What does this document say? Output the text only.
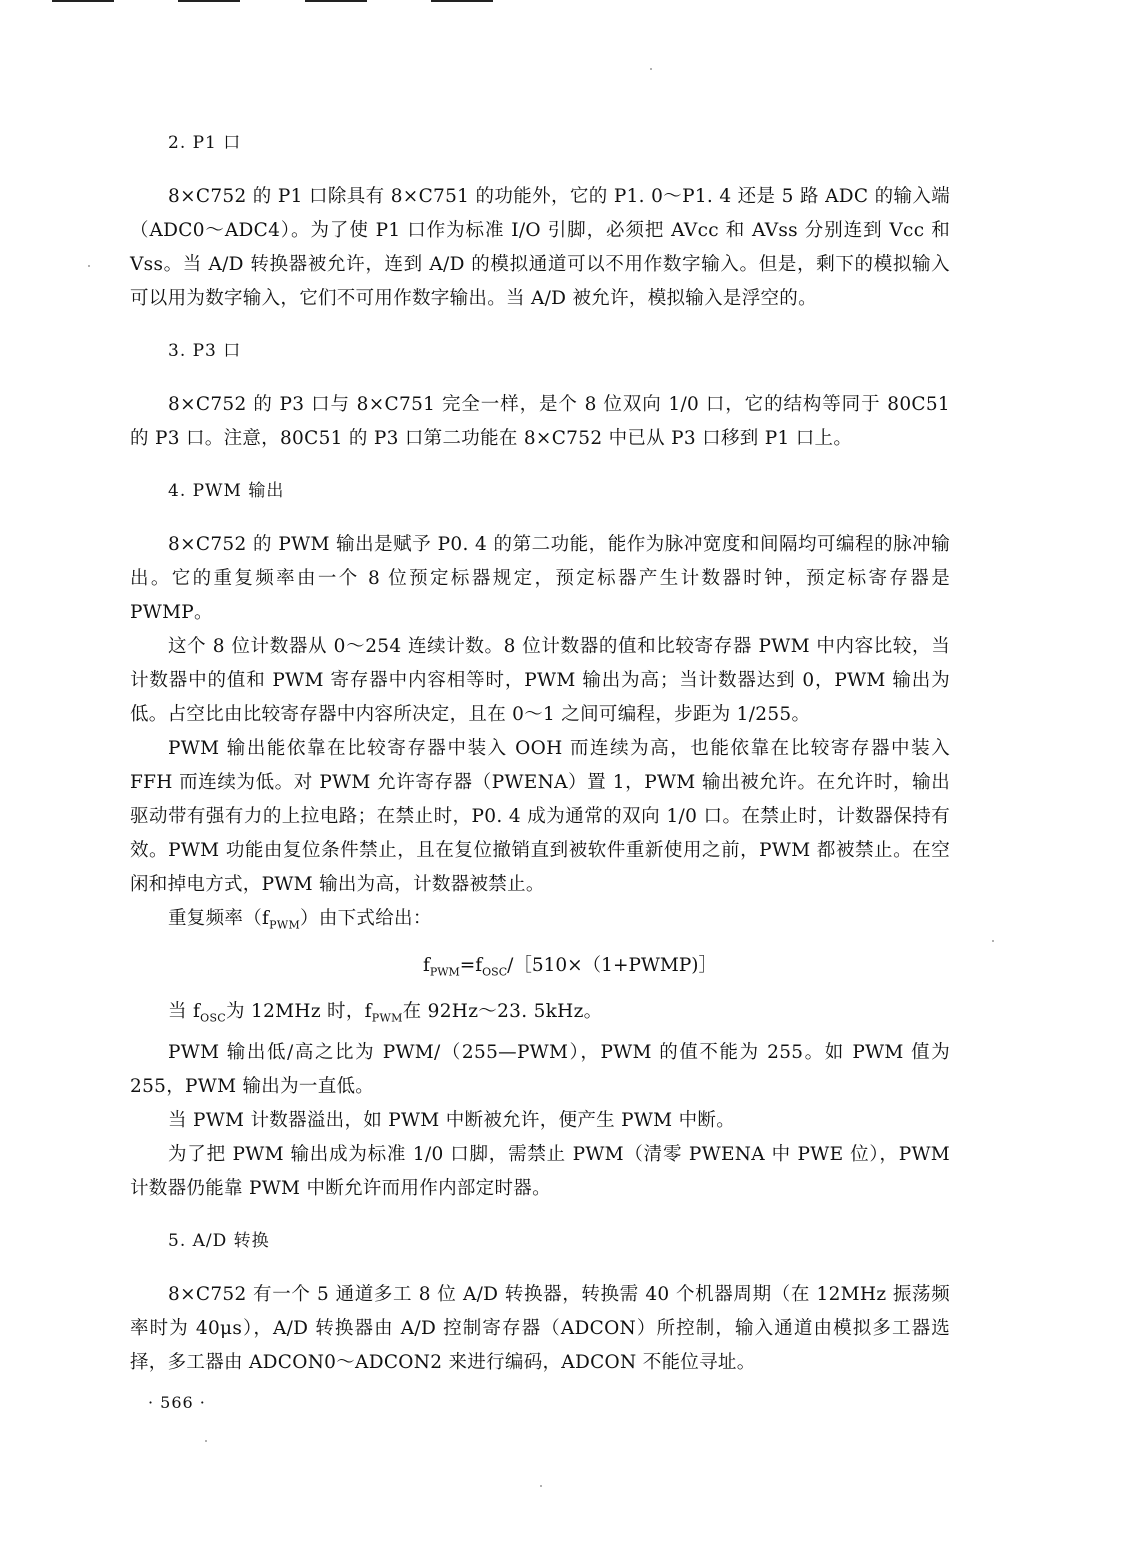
2. P1 口

8×C752 的 P1 口除具有 8×C751 的功能外，它的 P1. 0～P1. 4 还是 5 路 ADC 的输入端（ADC0～ADC4）。为了使 P1 口作为标准 I/O 引脚，必须把 AVcc 和 AVss 分别连到 Vcc 和 Vss。当 A/D 转换器被允许，连到 A/D 的模拟通道可以不用作数字输入。但是，剩下的模拟输入可以用为数字输入，它们不可用作数字输出。当 A/D 被允许，模拟输入是浮空的。

3. P3 口

8×C752 的 P3 口与 8×C751 完全一样，是个 8 位双向 1/0 口，它的结构等同于 80C51 的 P3 口。注意，80C51 的 P3 口第二功能在 8×C752 中已从 P3 口移到 P1 口上。

4. PWM 输出

8×C752 的 PWM 输出是赋予 P0. 4 的第二功能，能作为脉冲宽度和间隔均可编程的脉冲输出。它的重复频率由一个 8 位预定标器规定，预定标器产生计数器时钟，预定标寄存器是 PWMP。

这个 8 位计数器从 0～254 连续计数。8 位计数器的值和比较寄存器 PWM 中内容比较，当计数器中的值和 PWM 寄存器中内容相等时，PWM 输出为高；当计数器达到 0，PWM 输出为低。占空比由比较寄存器中内容所决定，且在 0～1 之间可编程，步距为 1/255。

PWM 输出能依靠在比较寄存器中装入 OOH 而连续为高，也能依靠在比较寄存器中装入 FFH 而连续为低。对 PWM 允许寄存器（PWENA）置 1，PWM 输出被允许。在允许时，输出驱动带有强有力的上拉电路；在禁止时，P0. 4 成为通常的双向 1/0 口。在禁止时，计数器保持有效。PWM 功能由复位条件禁止，且在复位撤销直到被软件重新使用之前，PWM 都被禁止。在空闲和掉电方式，PWM 输出为高，计数器被禁止。

重复频率$(f_{PWM})$由下式给出：

$f_{PWM}=f_{OSC}/[510\times(1+PWMP)]$

当 $f_{OSC}$为 12MHz 时，$f_{PWM}$在 92Hz～23. 5kHz。

PWM 输出低/高之比为 PWM/（255—PWM），PWM 的值不能为 255。如 PWM 值为 255，PWM 输出为一直低。

当 PWM 计数器溢出，如 PWM 中断被允许，便产生 PWM 中断。

为了把 PWM 输出成为标准 1/0 口脚，需禁止 PWM（清零 PWENA 中 PWE 位），PWM 计数器仍能靠 PWM 中断允许而用作内部定时器。

5. A/D 转换

8×C752 有一个 5 通道多工 8 位 A/D 转换器，转换需 40 个机器周期（在 12MHz 振荡频率时为 40μs），A/D 转换器由 A/D 控制寄存器（ADCON）所控制，输入通道由模拟多工器选择，多工器由 ADCON0～ADCON2 来进行编码，ADCON 不能位寻址。

· 566 ·
